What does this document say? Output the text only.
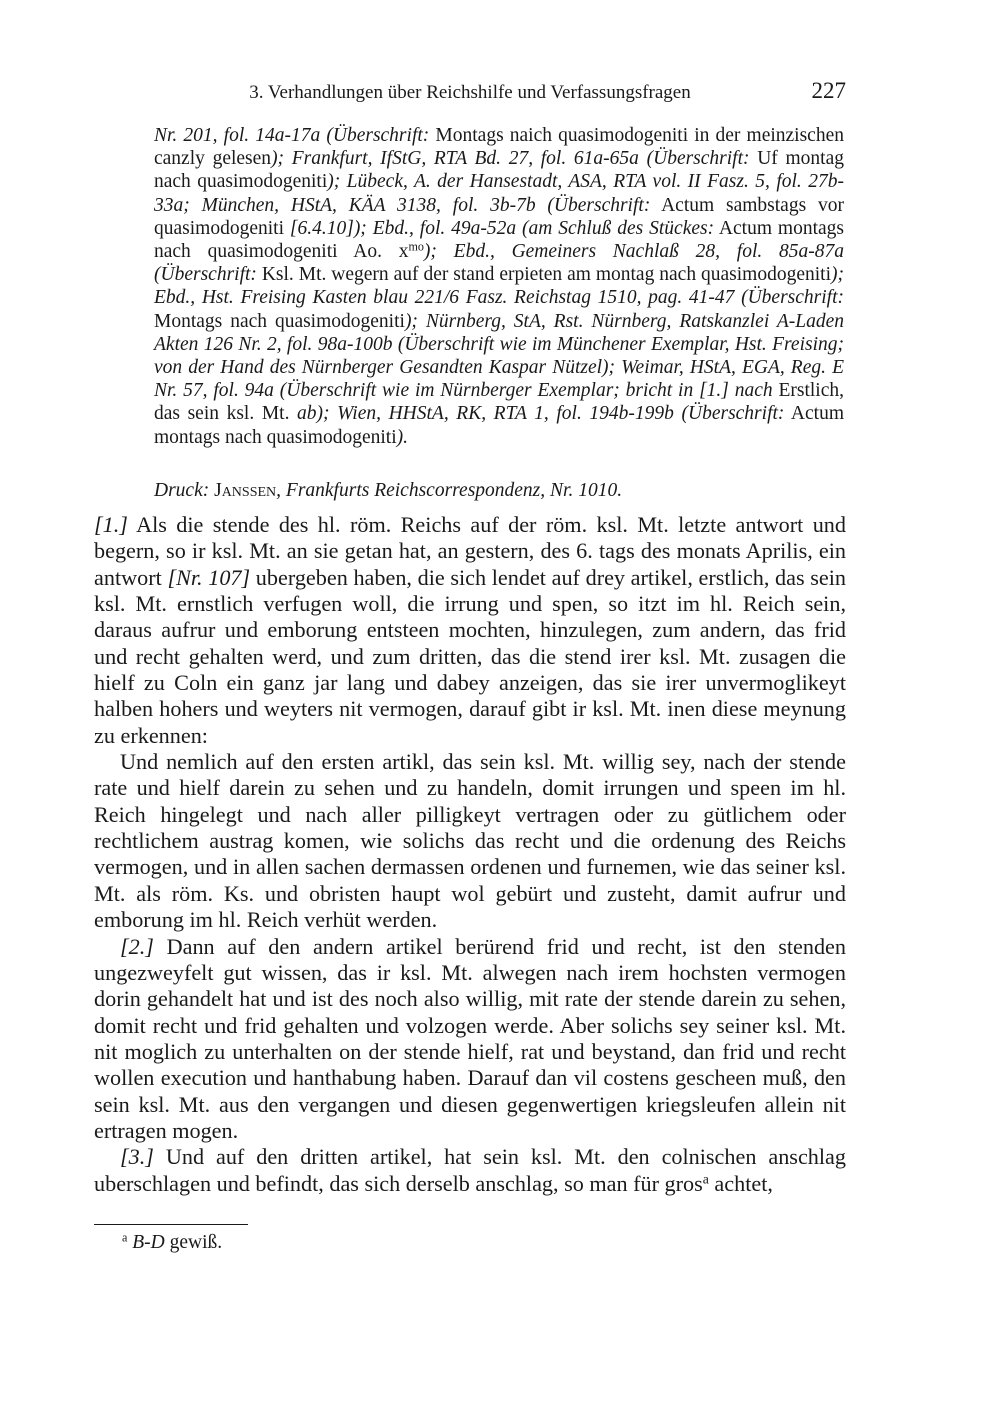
3. Verhandlungen über Reichshilfe und Verfassungsfragen	227
Nr. 201, fol. 14a-17a (Überschrift: Montags naich quasimodogeniti in der meinzischen canzly gelesen); Frankfurt, IfStG, RTA Bd. 27, fol. 61a-65a (Überschrift: Uf montag nach quasimodogeniti); Lübeck, A. der Hansestadt, ASA, RTA vol. II Fasz. 5, fol. 27b-33a; München, HStA, KÄA 3138, fol. 3b-7b (Überschrift: Actum sambstags vor quasimodogeniti [6.4.10]); Ebd., fol. 49a-52a (am Schluß des Stückes: Actum montags nach quasimodogeniti Ao. $x^{mo}$); Ebd., Gemeiners Nachlaß 28, fol. 85a-87a (Überschrift: Ksl. Mt. wegern auf der stand erpieten am montag nach quasimodogeniti); Ebd., Hst. Freising Kasten blau 221/6 Fasz. Reichstag 1510, pag. 41-47 (Überschrift: Montags nach quasimodogeniti); Nürnberg, StA, Rst. Nürnberg, Ratskanzlei A-Laden Akten 126 Nr. 2, fol. 98a-100b (Überschrift wie im Münchener Exemplar, Hst. Freising; von der Hand des Nürnberger Gesandten Kaspar Nützel); Weimar, HStA, EGA, Reg. E Nr. 57, fol. 94a (Überschrift wie im Nürnberger Exemplar; bricht in [1.] nach Erstlich, das sein ksl. Mt. ab); Wien, HHStA, RK, RTA 1, fol. 194b-199b (Überschrift: Actum montags nach quasimodogeniti).
Druck: Janssen, Frankfurts Reichscorrespondenz, Nr. 1010.

[1.] Als die stende des hl. röm. Reichs auf der röm. ksl. Mt. letzte antwort und begern, so ir ksl. Mt. an sie getan hat, an gestern, des 6. tags des monats Aprilis, ein antwort [Nr. 107] ubergeben haben, die sich lendet auf drey artikel, erstlich, das sein ksl. Mt. ernstlich verfugen woll, die irrung und spen, so itzt im hl. Reich sein, daraus aufrur und emborung entsteen mochten, hinzulegen, zum andern, das frid und recht gehalten werd, und zum dritten, das die stend irer ksl. Mt. zusagen die hielf zu Coln ein ganz jar lang und dabey anzeigen, das sie irer unvermoglikeyt halben hohers und weyters nit vermogen, darauf gibt ir ksl. Mt. inen diese meynung zu erkennen:

Und nemlich auf den ersten artikl, das sein ksl. Mt. willig sey, nach der stende rate und hielf darein zu sehen und zu handeln, domit irrungen und speen im hl. Reich hingelegt und nach aller pilligkeyt vertragen oder zu gütlichem oder rechtlichem austrag komen, wie solichs das recht und die ordenung des Reichs vermogen, und in allen sachen dermassen ordenen und furnemen, wie das seiner ksl. Mt. als röm. Ks. und obristen haupt wol gebürt und zusteht, damit aufrur und emborung im hl. Reich verhüt werden.

[2.] Dann auf den andern artikel berürend frid und recht, ist den stenden ungezweyfelt gut wissen, das ir ksl. Mt. alwegen nach irem hochsten vermogen dorin gehandelt hat und ist des noch also willig, mit rate der stende darein zu sehen, domit recht und frid gehalten und volzogen werde. Aber solichs sey seiner ksl. Mt. nit moglich zu unterhalten on der stende hielf, rat und beystand, dan frid und recht wollen execution und hanthabung haben. Darauf dan vil costens gescheen muß, den sein ksl. Mt. aus den vergangen und diesen gegenwertigen kriegsleufen allein nit ertragen mogen.

[3.] Und auf den dritten artikel, hat sein ksl. Mt. den colnischen anschlag uberschlagen und befindt, das sich derselb anschlag, so man für gros$^a$ achtet,

$^a$ B-D gewiß.
